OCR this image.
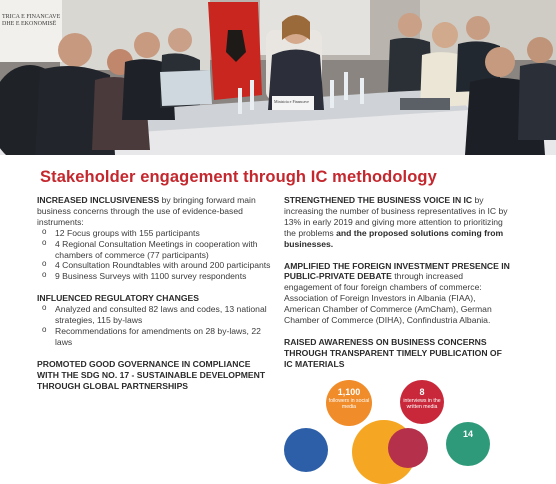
TRICA E FINANCAVE
DHE E EKONOMISË
Ministria e Financave
Stakeholder engagement through IC methodology
INCREASED INCLUSIVENESS by bringing forward main business concerns through the use of evidence-based instruments:
o 12 Focus groups with 155 participants
o 4 Regional Consultation Meetings in cooperation with chambers of commerce (77 participants)
o 4 Consultation Roundtables with around 200 participants
o 9 Business Surveys with 1100 survey respondents
INFLUENCED REGULATORY CHANGES
o Analyzed and consulted 82 laws and codes, 13 national strategies, 115 by-laws
o Recommendations for amendments on 28 by-laws, 22 laws
PROMOTED GOOD GOVERNANCE IN COMPLIANCE WITH THE SDG NO. 17 - SUSTAINABLE DEVELOPMENT THROUGH GLOBAL PARTNERSHIPS
STRENGTHENED THE BUSINESS VOICE IN IC by increasing the number of business representatives in IC by 13% in early 2019 and giving more attention to prioritizing the problems and the proposed solutions coming from businesses.
AMPLIFIED THE FOREIGN INVESTMENT PRESENCE IN PUBLIC-PRIVATE DEBATE through increased engagement of four foreign chambers of commerce: Association of Foreign Investors in Albania (FIAA), American Chamber of Commerce (AmCham), German Chamber of Commerce (DIHA), Confindustria Albania.
RAISED AWARENESS ON BUSINESS CONCERNS THROUGH TRANSPARENT TIMELY PUBLICATION OF IC MATERIALS
1,100
followers in social media
8
interviews in the written media
14
